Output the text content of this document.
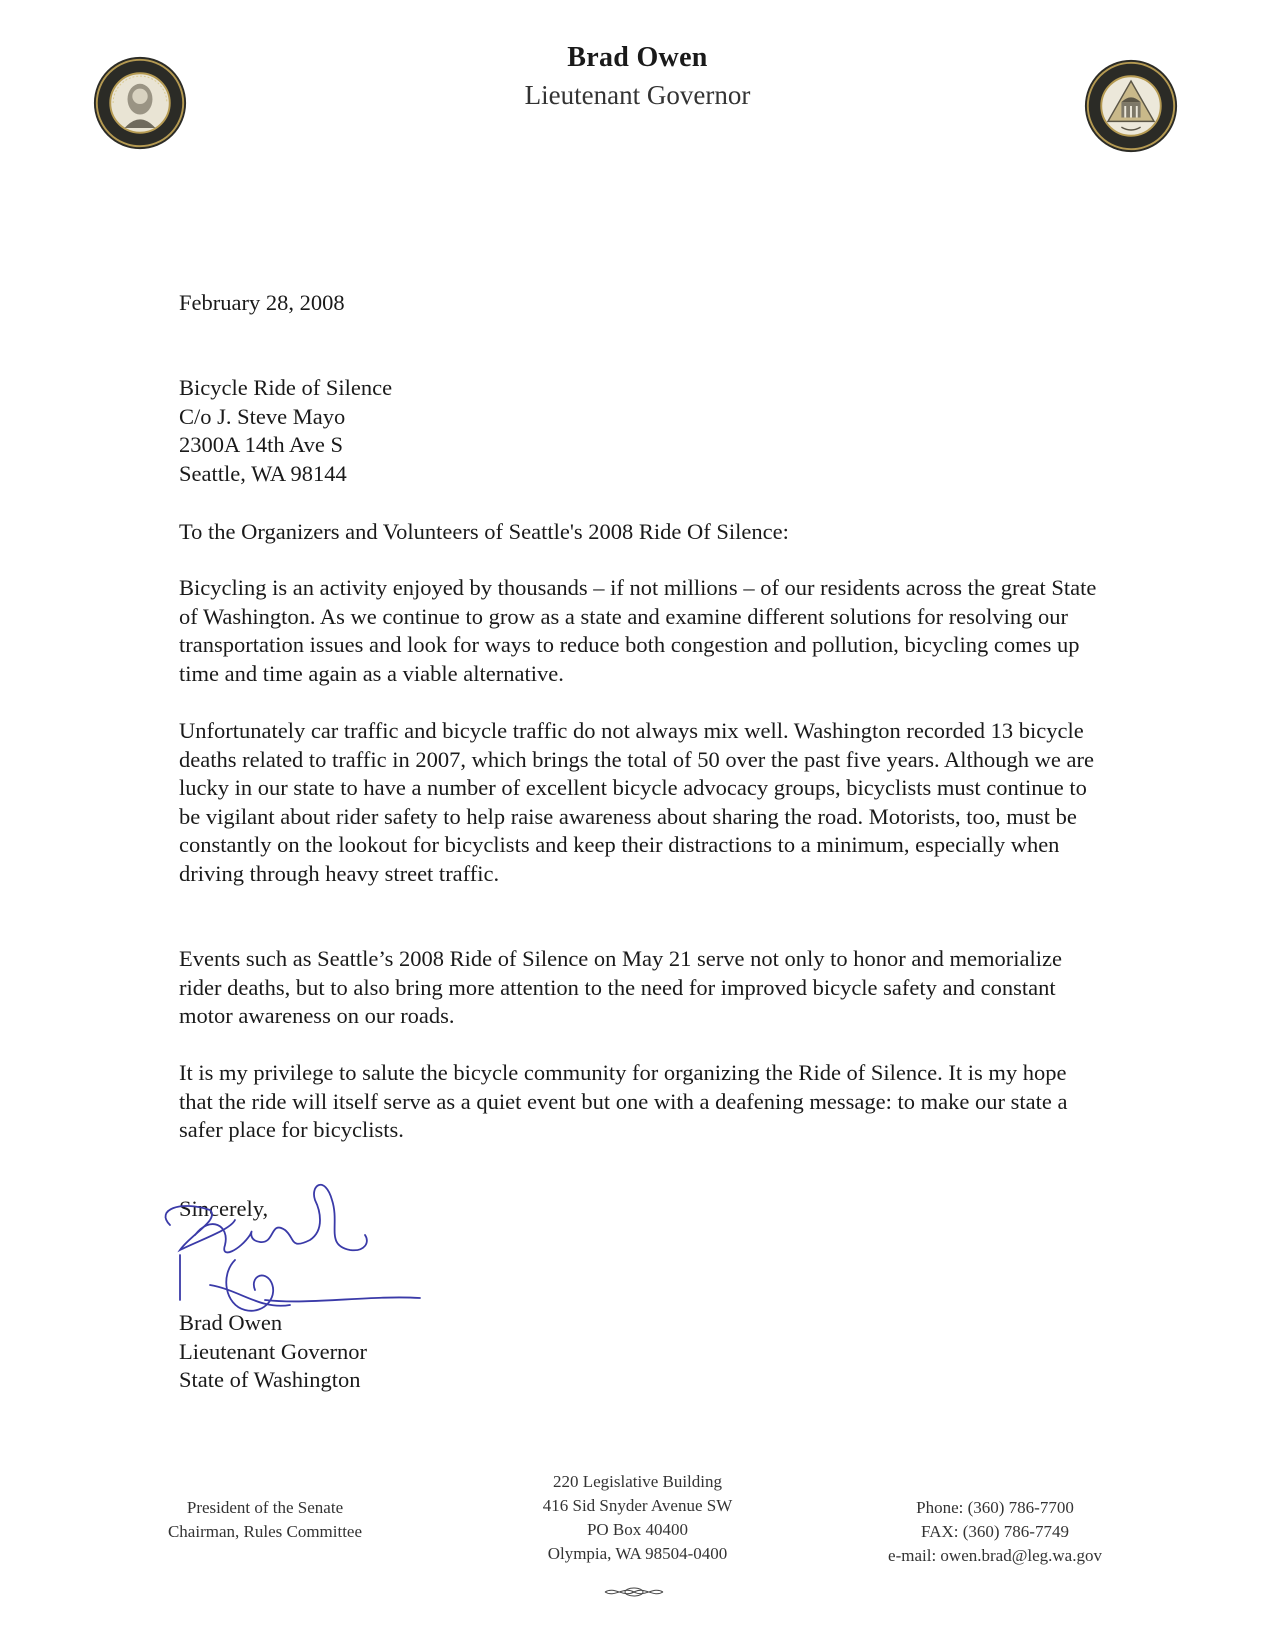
Brad Owen
Lieutenant Governor
February 28, 2008
Bicycle Ride of Silence
C/o J. Steve Mayo
2300A 14th Ave S
Seattle, WA 98144
To the Organizers and Volunteers of Seattle's 2008 Ride Of Silence:

Bicycling is an activity enjoyed by thousands – if not millions – of our residents across the great State of Washington. As we continue to grow as a state and examine different solutions for resolving our transportation issues and look for ways to reduce both congestion and pollution, bicycling comes up time and time again as a viable alternative.

Unfortunately car traffic and bicycle traffic do not always mix well. Washington recorded 13 bicycle deaths related to traffic in 2007, which brings the total of 50 over the past five years. Although we are lucky in our state to have a number of excellent bicycle advocacy groups, bicyclists must continue to be vigilant about rider safety to help raise awareness about sharing the road. Motorists, too, must be constantly on the lookout for bicyclists and keep their distractions to a minimum, especially when driving through heavy street traffic.

Events such as Seattle’s 2008 Ride of Silence on May 21 serve not only to honor and memorialize rider deaths, but to also bring more attention to the need for improved bicycle safety and constant motor awareness on our roads.

It is my privilege to salute the bicycle community for organizing the Ride of Silence. It is my hope that the ride will itself serve as a quiet event but one with a deafening message: to make our state a safer place for bicyclists.

Sincerely,
Brad Owen
Lieutenant Governor
State of Washington
President of the Senate
Chairman, Rules Committee
220 Legislative Building
416 Sid Snyder Avenue SW
PO Box 40400
Olympia, WA 98504-0400
Phone: (360) 786-7700
FAX: (360) 786-7749
e-mail: owen.brad@leg.wa.gov
